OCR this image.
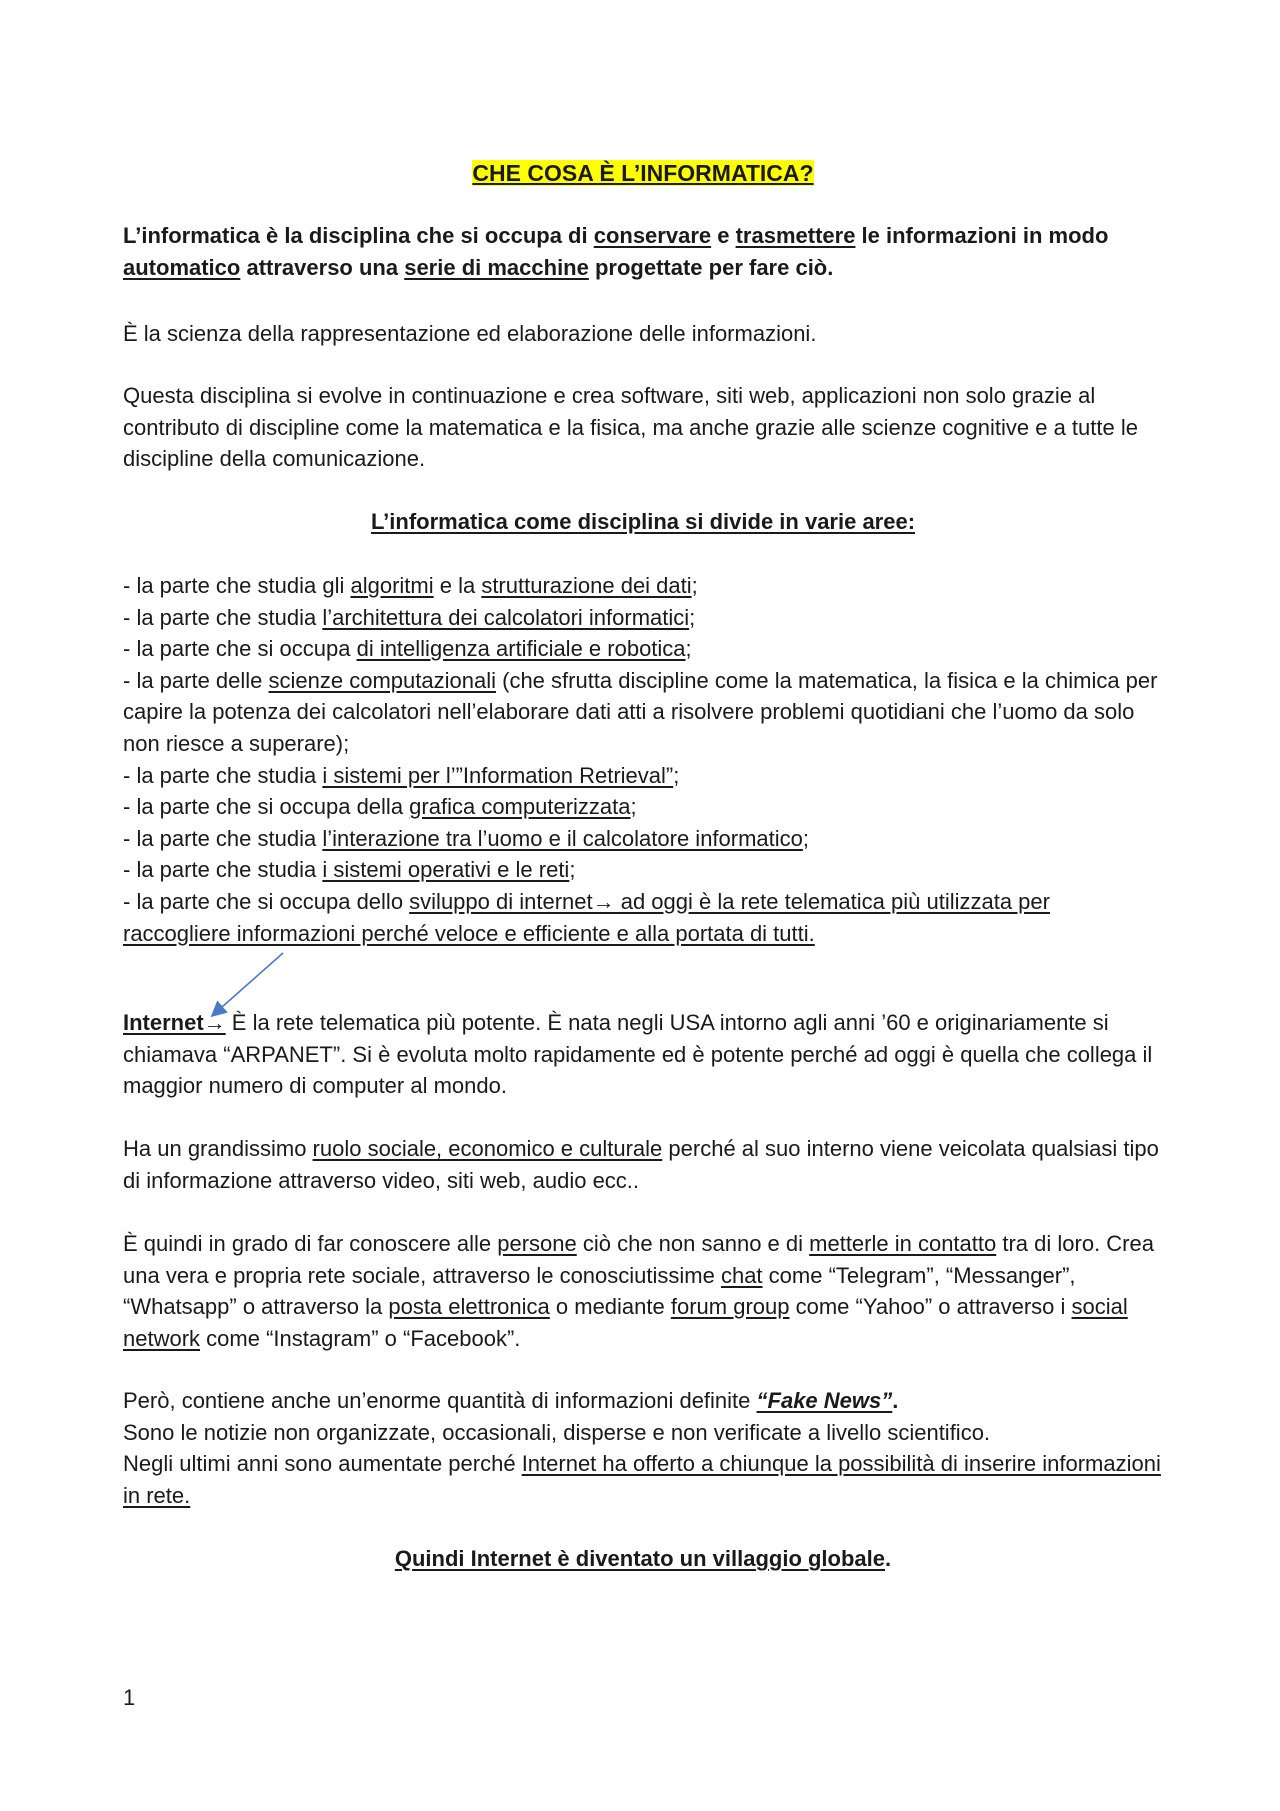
CHE COSA È L’INFORMATICA?

L’informatica è la disciplina che si occupa di conservare e trasmettere le informazioni in modo automatico attraverso una serie di macchine progettate per fare ciò.

È la scienza della rappresentazione ed elaborazione delle informazioni.

Questa disciplina si evolve in continuazione e crea software, siti web, applicazioni non solo grazie al contributo di discipline come la matematica e la fisica, ma anche grazie alle scienze cognitive e a tutte le discipline della comunicazione.

L’informatica come disciplina si divide in varie aree:

- la parte che studia gli algoritmi e la strutturazione dei dati;

- la parte che studia l’architettura dei calcolatori informatici;

- la parte che si occupa di intelligenza artificiale e robotica;

- la parte delle scienze computazionali (che sfrutta discipline come la matematica, la fisica e la chimica per capire la potenza dei calcolatori nell’elaborare dati atti a risolvere problemi quotidiani che l’uomo da solo non riesce a superare);

- la parte che studia i sistemi per l’”Information Retrieval”;

- la parte che si occupa della grafica computerizzata;

- la parte che studia l’interazione tra l’uomo e il calcolatore informatico;

- la parte che studia i sistemi operativi e le reti;

- la parte che si occupa dello sviluppo di internet→ ad oggi è la rete telematica più utilizzata per raccogliere informazioni perché veloce e efficiente e alla portata di tutti.

Internet→ È la rete telematica più potente. È nata negli USA intorno agli anni ’60 e originariamente si chiamava “ARPANET”. Si è evoluta molto rapidamente ed è potente perché ad oggi è quella che collega il maggior numero di computer al mondo.

Ha un grandissimo ruolo sociale, economico e culturale perché al suo interno viene veicolata qualsiasi tipo di informazione attraverso video, siti web, audio ecc..

È quindi in grado di far conoscere alle persone ciò che non sanno e di metterle in contatto tra di loro. Crea una vera e propria rete sociale, attraverso le conosciutissime chat come “Telegram”, “Messanger”, “Whatsapp” o attraverso la posta elettronica o mediante forum group come “Yahoo” o attraverso i social network come “Instagram” o “Facebook”.

Però, contiene anche un’enorme quantità di informazioni definite “Fake News”.

Sono le notizie non organizzate, occasionali, disperse e non verificate a livello scientifico.

Negli ultimi anni sono aumentate perché Internet ha offerto a chiunque la possibilità di inserire informazioni in rete.

Quindi Internet è diventato un villaggio globale.

1
